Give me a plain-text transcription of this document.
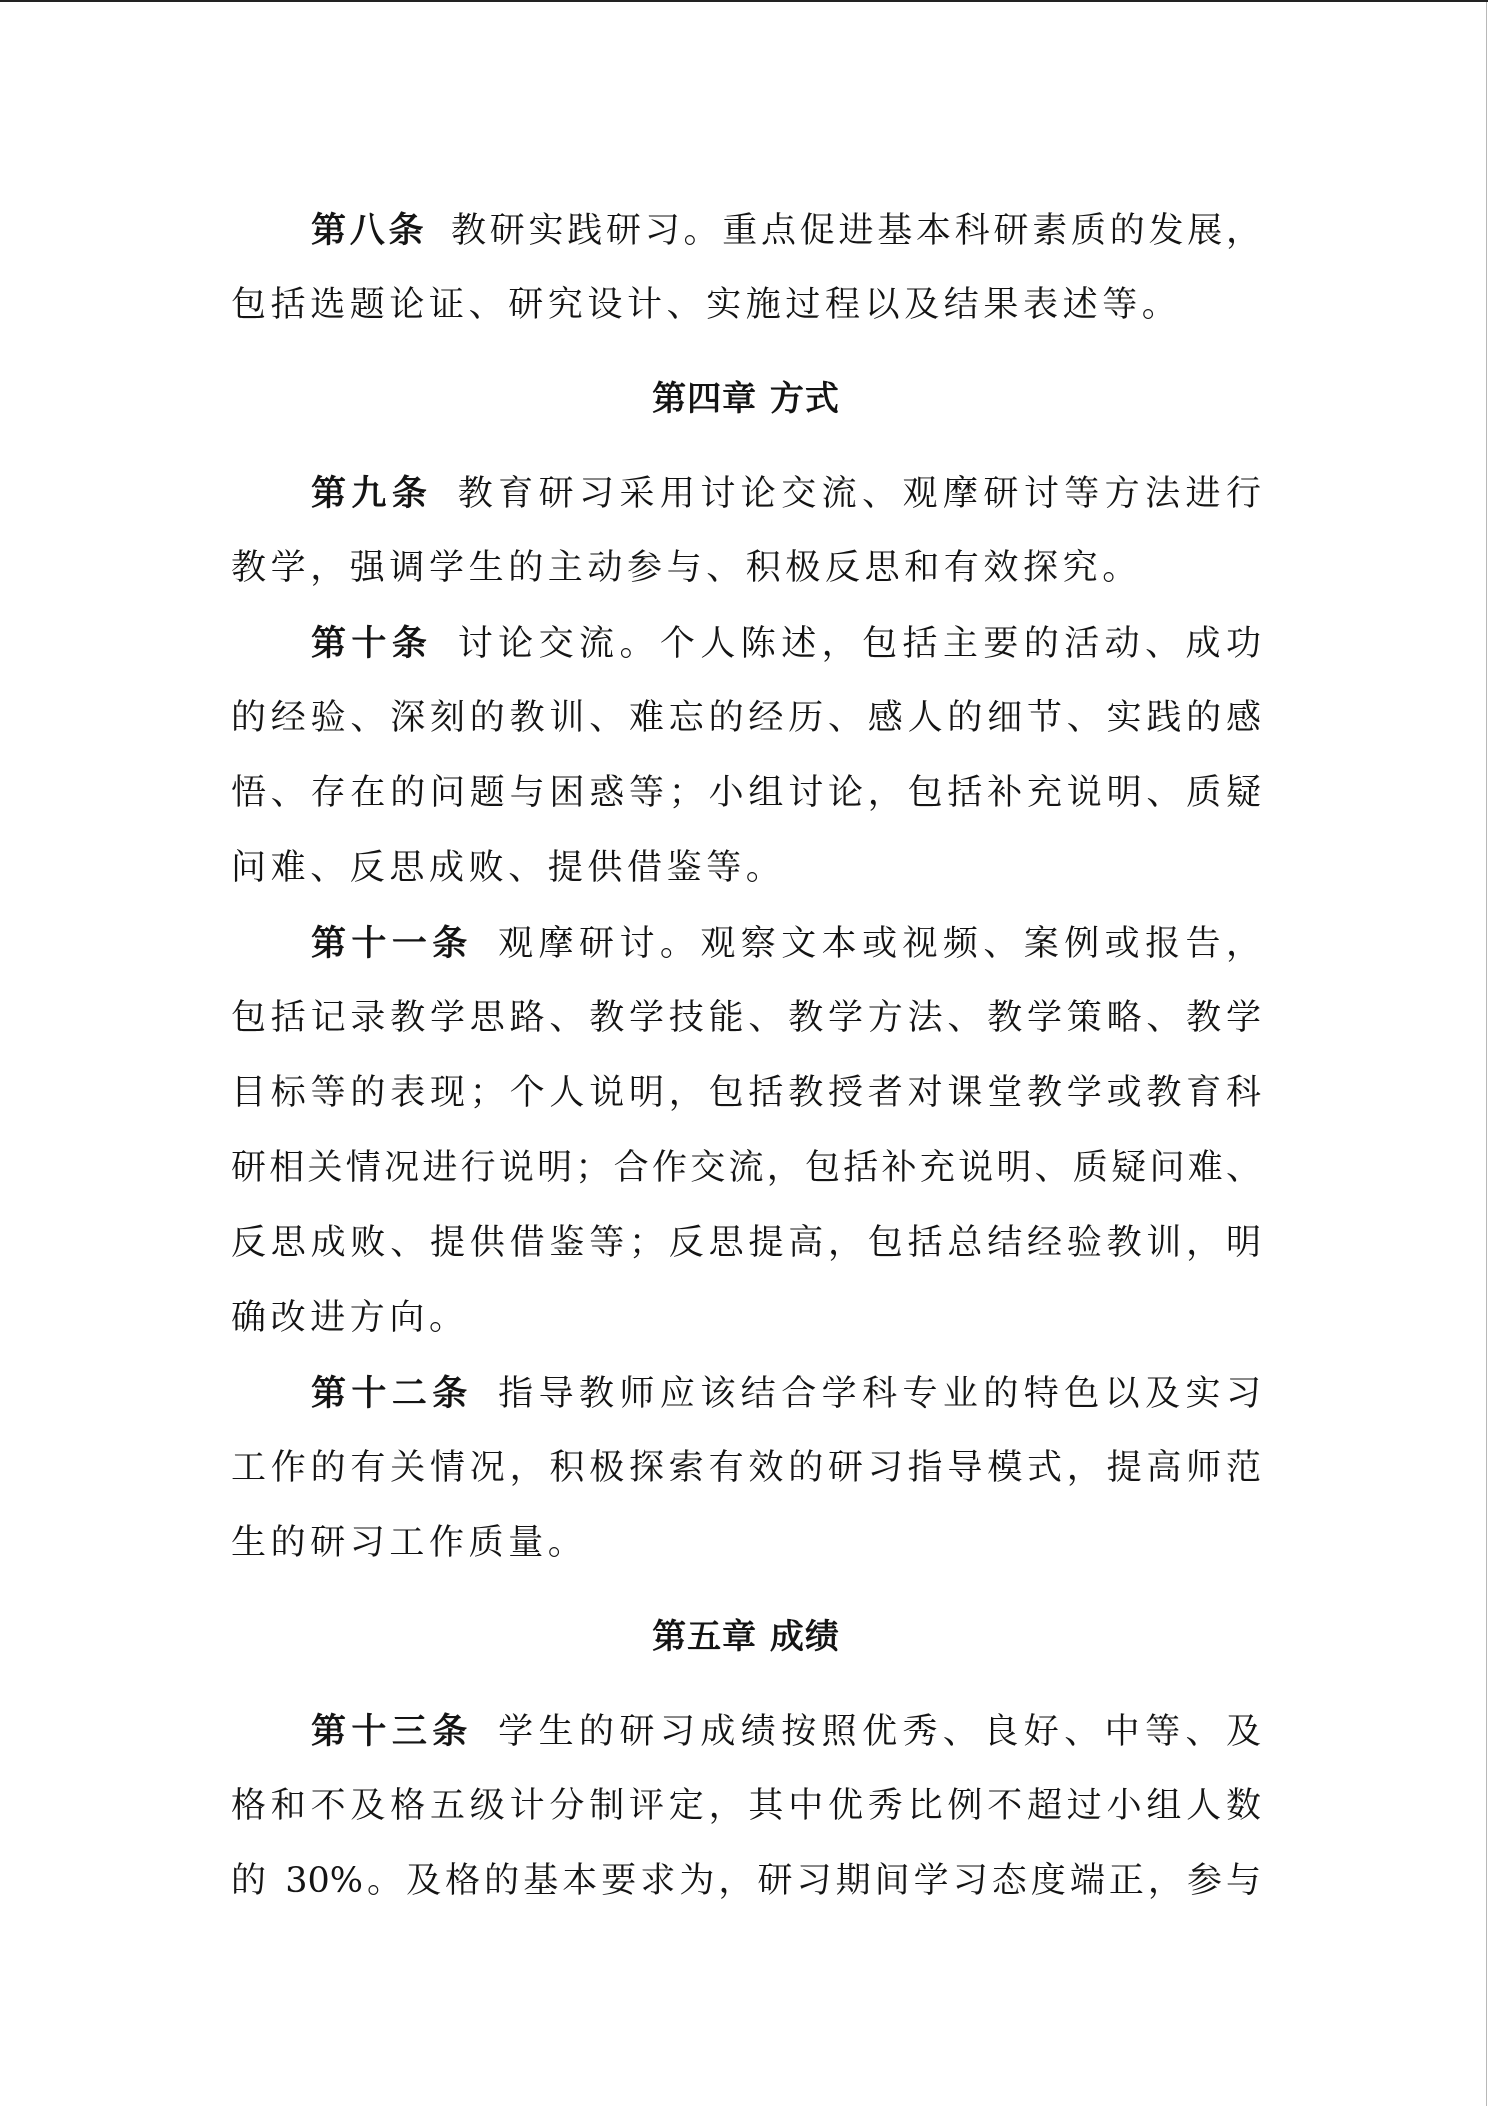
第八条 教研实践研习。重点促进基本科研素质的发展，
包括选题论证、研究设计、实施过程以及结果表述等。
第四章 方式
第九条 教育研习采用讨论交流、观摩研讨等方法进行
教学，强调学生的主动参与、积极反思和有效探究。
第十条 讨论交流。个人陈述，包括主要的活动、成功
的经验、深刻的教训、难忘的经历、感人的细节、实践的感
悟、存在的问题与困惑等；小组讨论，包括补充说明、质疑
问难、反思成败、提供借鉴等。
第十一条 观摩研讨。观察文本或视频、案例或报告，
包括记录教学思路、教学技能、教学方法、教学策略、教学
目标等的表现；个人说明，包括教授者对课堂教学或教育科
研相关情况进行说明；合作交流，包括补充说明、质疑问难、
反思成败、提供借鉴等；反思提高，包括总结经验教训，明
确改进方向。
第十二条 指导教师应该结合学科专业的特色以及实习
工作的有关情况，积极探索有效的研习指导模式，提高师范
生的研习工作质量。
第五章 成绩
第十三条 学生的研习成绩按照优秀、良好、中等、及
格和不及格五级计分制评定，其中优秀比例不超过小组人数
的 30%。及格的基本要求为，研习期间学习态度端正，参与
